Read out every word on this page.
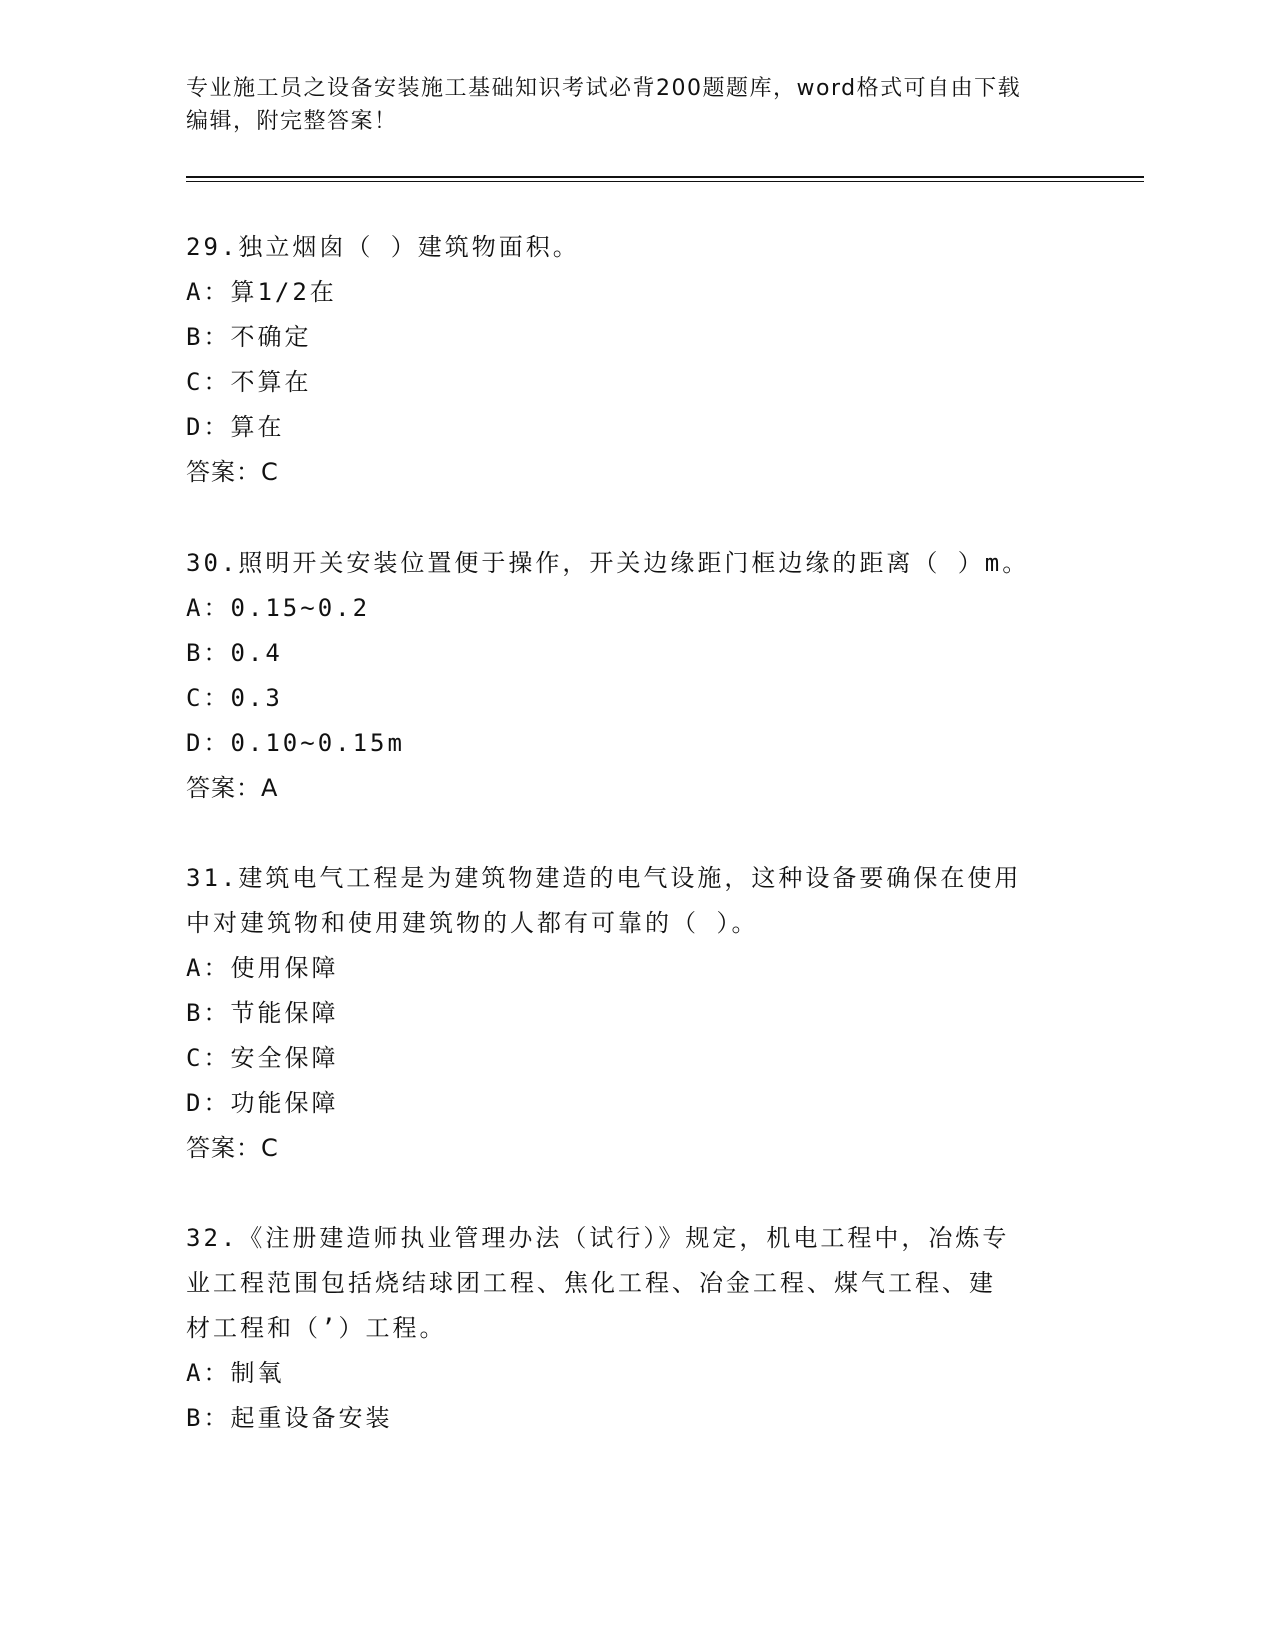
专业施工员之设备安装施工基础知识考试必背200题题库，word格式可自由下载
编辑，附完整答案！
29.独立烟囱（ ）建筑物面积。
A：算1/2在
B：不确定
C：不算在
D：算在
答案：C
30.照明开关安装位置便于操作，开关边缘距门框边缘的距离（ ）m。
A：0.15~0.2
B：0.4
C：0.3
D：0.10~0.15m
答案：A
31.建筑电气工程是为建筑物建造的电气设施，这种设备要确保在使用
中对建筑物和使用建筑物的人都有可靠的（ ）。
A：使用保障
B：节能保障
C：安全保障
D：功能保障
答案：C
32.《注册建造师执业管理办法（试行）》规定，机电工程中，冶炼专
业工程范围包括烧结球团工程、焦化工程、冶金工程、煤气工程、建
材工程和（’）工程。
A：制氧
B：起重设备安装
